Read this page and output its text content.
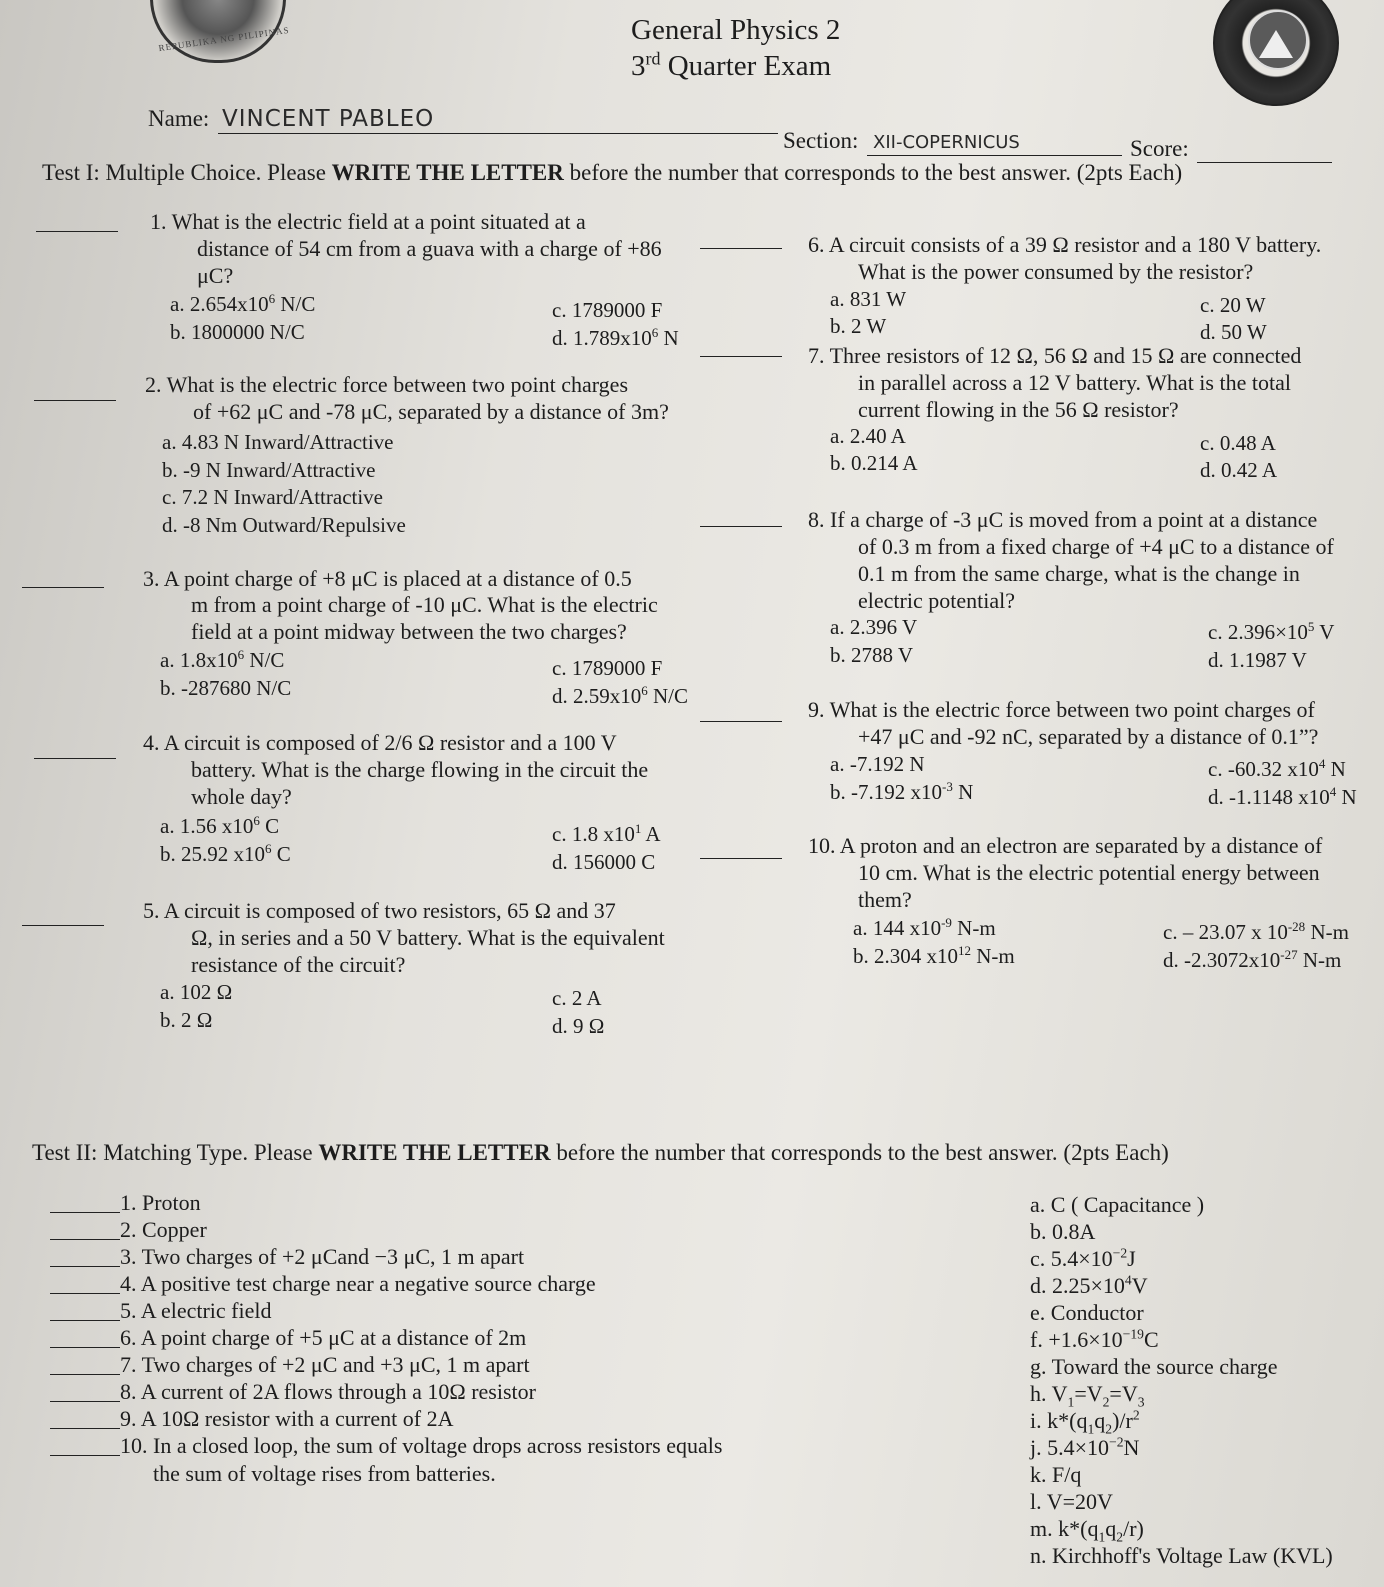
REPUBLIKA NG PILIPINAS	General Physics 2
3rd Quarter Exam
Name: VINCENT PABLEO
Section: XII-COPERNICUS	Score:
Test I: Multiple Choice. Please WRITE THE LETTER before the number that corresponds to the best answer. (2pts Each)
1. What is the electric field at a point situated at a
distance of 54 cm from a guava with a charge of +86
μC?
a. $2.654x10^6$ N/C
b. 1800000 N/C
c. 1789000 F
d. $1.789x10^6$ N
2. What is the electric force between two point charges
of +62 μC and -78 μC, separated by a distance of 3m?
a. 4.83 N Inward/Attractive
b. -9 N Inward/Attractive
c. 7.2 N Inward/Attractive
d. -8 Nm Outward/Repulsive
3. A point charge of +8 μC is placed at a distance of 0.5
m from a point charge of -10 μC. What is the electric
field at a point midway between the two charges?
a. $1.8x10^6$ N/C
b. -287680 N/C
c. 1789000 F
d. $2.59x10^6$ N/C
4. A circuit is composed of 2/6 Ω resistor and a 100 V
battery. What is the charge flowing in the circuit the
whole day?
a. 1.56 $x10^6$ C
b. 25.92 $x10^6$ C
c. 1.8 $x10^1$ A
d. 156000 C
5. A circuit is composed of two resistors, 65 Ω and 37
Ω, in series and a 50 V battery. What is the equivalent
resistance of the circuit?
a. 102 Ω
b. 2 Ω
c. 2 A
d. 9 Ω
6. A circuit consists of a 39 Ω resistor and a 180 V battery.
What is the power consumed by the resistor?
a. 831 W
b. 2 W
c. 20 W
d. 50 W
7. Three resistors of 12 Ω, 56 Ω and 15 Ω are connected
in parallel across a 12 V battery. What is the total
current flowing in the 56 Ω resistor?
a. 2.40 A
b. 0.214 A
c. 0.48 A
d. 0.42 A
8. If a charge of -3 μC is moved from a point at a distance
of 0.3 m from a fixed charge of +4 μC to a distance of
0.1 m from the same charge, what is the change in
electric potential?
a. 2.396 V
b. 2788 V
c. $2.396\times 10^5$ V
d. 1.1987 V
9. What is the electric force between two point charges of
+47 μC and -92 nC, separated by a distance of 0.1”?
a. -7.192 N
b. -7.192 $x10^{-3}$ N
c. -60.32 $x10^4$ N
d. -1.1148 $x10^4$ N
10. A proton and an electron are separated by a distance of
10 cm. What is the electric potential energy between
them?
a. 144 $x10^{-9}$ N-m
b. 2.304 $x10^{12}$ N-m
c. – 23.07 x $10^{-28}$ N-m
d. $-2.3072x10^{-27}$ N-m
Test II: Matching Type. Please WRITE THE LETTER before the number that corresponds to the best answer. (2pts Each)
1. Proton
2. Copper
3. Two charges of +2 μCand −3 μC, 1 m apart
4. A positive test charge near a negative source charge
5. A electric field
6. A point charge of +5 μC at a distance of 2m
7. Two charges of +2 μC and +3 μC, 1 m apart
8. A current of 2A flows through a 10Ω resistor
9. A 10Ω resistor with a current of 2A
10. In a closed loop, the sum of voltage drops across resistors equals
the sum of voltage rises from batteries.
a. C ( Capacitance )
b. 0.8A
c. $5.4\times 10^{-2}J$
d. $2.25\times 10^4V$
e. Conductor
f. $+1.6\times 10^{-19}C$
g. Toward the source charge
h. $V_1=V_2=V_3$
i. $k*(q_1q_2)/r^2$
j. $5.4\times 10^{-2}N$
k. F/q
l. V=20V
m. $k*(q_1q_2/r)$
n. Kirchhoff's Voltage Law (KVL)
